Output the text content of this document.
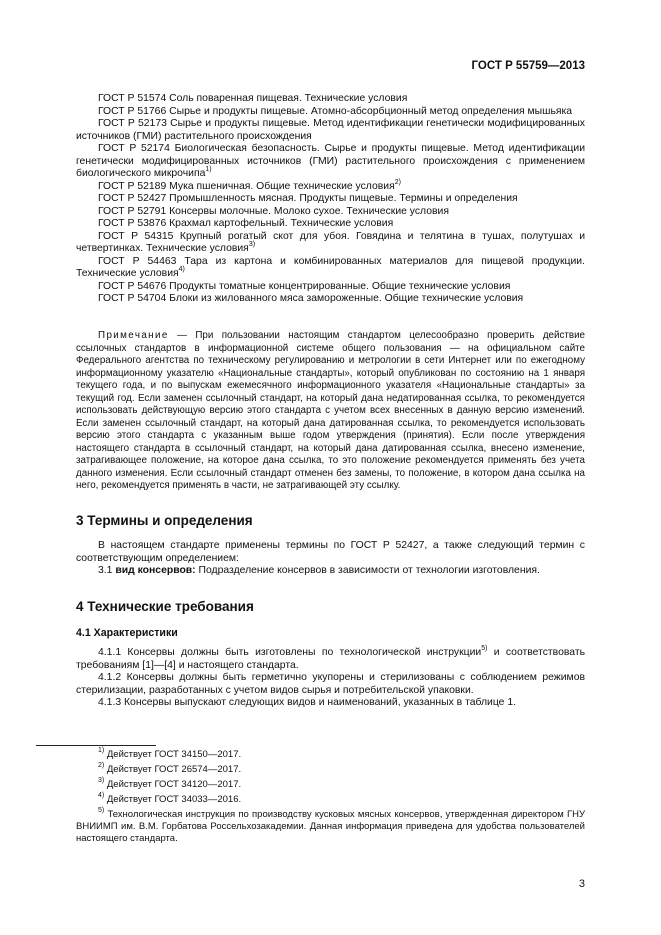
ГОСТ Р 55759—2013
ГОСТ Р 51574 Соль поваренная пищевая. Технические условия
ГОСТ Р 51766 Сырье и продукты пищевые. Атомно-абсорбционный метод определения мышьяка
ГОСТ Р 52173 Сырье и продукты пищевые. Метод идентификации генетически модифицированных источников (ГМИ) растительного происхождения
ГОСТ Р 52174 Биологическая безопасность. Сырье и продукты пищевые. Метод идентификации генетически модифицированных источников (ГМИ) растительного происхождения с применением биологического микрочипа$^{1)}$
ГОСТ Р 52189 Мука пшеничная. Общие технические условия$^{2)}$
ГОСТ Р 52427 Промышленность мясная. Продукты пищевые. Термины и определения
ГОСТ Р 52791 Консервы молочные. Молоко сухое. Технические условия
ГОСТ Р 53876 Крахмал картофельный. Технические условия
ГОСТ Р 54315 Крупный рогатый скот для убоя. Говядина и телятина в тушах, полутушах и четвертинках. Технические условия$^{3)}$
ГОСТ Р 54463 Тара из картона и комбинированных материалов для пищевой продукции. Технические условия$^{4)}$
ГОСТ Р 54676 Продукты томатные концентрированные. Общие технические условия
ГОСТ Р 54704 Блоки из жилованного мяса замороженные. Общие технические условия
Примечание — При пользовании настоящим стандартом целесообразно проверить действие ссылочных стандартов в информационной системе общего пользования — на официальном сайте Федерального агентства по техническому регулированию и метрологии в сети Интернет или по ежегодному информационному указателю «Национальные стандарты», который опубликован по состоянию на 1 января текущего года, и по выпускам ежемесячного информационного указателя «Национальные стандарты» за текущий год. Если заменен ссылочный стандарт, на который дана недатированная ссылка, то рекомендуется использовать действующую версию этого стандарта с учетом всех внесенных в данную версию изменений. Если заменен ссылочный стандарт, на который дана датированная ссылка, то рекомендуется использовать версию этого стандарта с указанным выше годом утверждения (принятия). Если после утверждения настоящего стандарта в ссылочный стандарт, на который дана датированная ссылка, внесено изменение, затрагивающее положение, на которое дана ссылка, то это положение рекомендуется применять без учета данного изменения. Если ссылочный стандарт отменен без замены, то положение, в котором дана ссылка на него, рекомендуется применять в части, не затрагивающей эту ссылку.
3 Термины и определения

В настоящем стандарте применены термины по ГОСТ Р 52427, а также следующий термин с соответствующим определением:

3.1 вид консервов: Подразделение консервов в зависимости от технологии изготовления.

4 Технические требования
4.1 Характеристики

4.1.1 Консервы должны быть изготовлены по технологической инструкции$^{5)}$ и соответствовать требованиям [1]—[4] и настоящего стандарта.

4.1.2 Консервы должны быть герметично укупорены и стерилизованы с соблюдением режимов стерилизации, разработанных с учетом видов сырья и потребительской упаковки.

4.1.3 Консервы выпускают следующих видов и наименований, указанных в таблице 1.

$^{1)}$ Действует ГОСТ 34150—2017.
$^{2)}$ Действует ГОСТ 26574—2017.
$^{3)}$ Действует ГОСТ 34120—2017.
$^{4)}$ Действует ГОСТ 34033—2016.
$^{5)}$ Технологическая инструкция по производству кусковых мясных консервов, утвержденная директором ГНУ ВНИИМП им. В.М. Горбатова Россельхозакадемии. Данная информация приведена для удобства пользователей настоящего стандарта.
3
